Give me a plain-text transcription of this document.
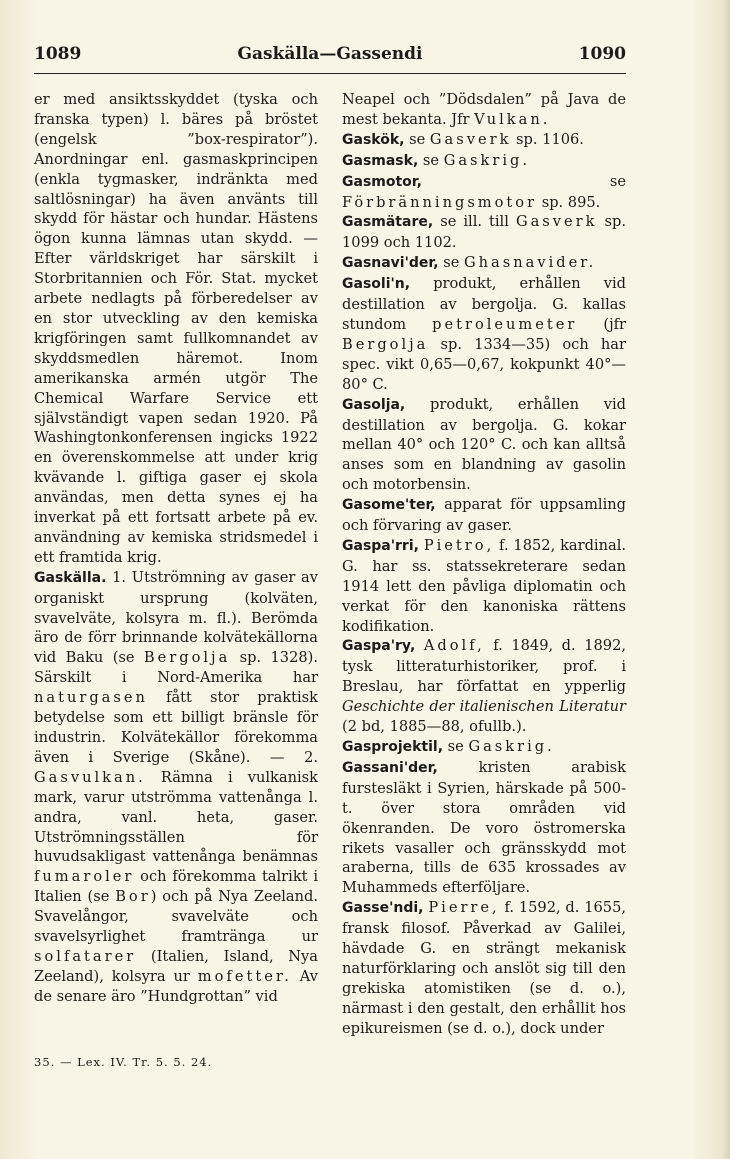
1089	Gaskälla—Gassendi	1090

er med ansiktsskyddet (tyska och franska typen) l. bäres på bröstet (engelsk ”box-respirator”). Anordningar enl. gasmaskprincipen (enkla tygmasker, indränkta med saltlösningar) ha även använts till skydd för hästar och hundar. Hästens ögon kunna lämnas utan skydd. — Efter världskriget har särskilt i Storbritannien och För. Stat. mycket arbete nedlagts på förberedelser av en stor utveckling av den kemiska krigföringen samt fullkomnandet av skyddsmedlen häremot. Inom amerikanska armén utgör The Chemical Warfare Service ett självständigt vapen sedan 1920. På Washingtonkonferensen ingicks 1922 en överenskommelse att under krig kvävande l. giftiga gaser ej skola användas, men detta synes ej ha inverkat på ett fortsatt arbete på ev. användning av kemiska stridsmedel i ett framtida krig.

Gaskälla. 1. Utströmning av gaser av organiskt ursprung (kolväten, svavelväte, kolsyra m. fl.). Berömda äro de förr brinnande kolvätekällorna vid Baku (se Bergolja sp. 1328). Särskilt i Nord-Amerika har naturgasen fått stor praktisk betydelse som ett billigt bränsle för industrin. Kolvätekällor förekomma även i Sverige (Skåne). — 2. Gasvulkan. Rämna i vulkanisk mark, varur utströmma vattenånga l. andra, vanl. heta, gaser. Utströmningsställen för huvudsakligast vattenånga benämnas fumaroler och förekomma talrikt i Italien (se Bor) och på Nya Zeeland. Svavelångor, svavelväte och svavelsyrlighet framtränga ur solfatarer (Italien, Island, Nya Zeeland), kolsyra ur mofetter. Av de senare äro ”Hundgrottan” vid

Neapel och ”Dödsdalen” på Java de mest bekanta. Jfr Vulkan.

Gaskök, se Gasverk sp. 1106.

Gasmask, se Gaskrig.

Gasmotor, se Förbränningsmotor sp. 895.

Gasmätare, se ill. till Gasverk sp. 1099 och 1102.

Gasnavi'der, se Ghasnavider.

Gasoli'n, produkt, erhållen vid destillation av bergolja. G. kallas stundom petroleumeter (jfr Bergolja sp. 1334—35) och har spec. vikt 0,65—0,67, kokpunkt 40°—80° C.

Gasolja, produkt, erhållen vid destillation av bergolja. G. kokar mellan 40° och 120° C. och kan alltså anses som en blandning av gasolin och motorbensin.

Gasome'ter, apparat för uppsamling och förvaring av gaser.

Gaspa'rri, Pietro, f. 1852, kardinal. G. har ss. statssekreterare sedan 1914 lett den påvliga diplomatin och verkat för den kanoniska rättens kodifikation.

Gaspa'ry, Adolf, f. 1849, d. 1892, tysk litteraturhistoriker, prof. i Breslau, har författat en ypperlig Geschichte der italienischen Literatur (2 bd, 1885—88, ofullb.).

Gasprojektil, se Gaskrig.

Gassani'der, kristen arabisk furstesläkt i Syrien, härskade på 500-t. över stora områden vid ökenranden. De voro östromerska rikets vasaller och gränsskydd mot araberna, tills de 635 krossades av Muhammeds efterföljare.

Gasse'ndi, Pierre, f. 1592, d. 1655, fransk filosof. Påverkad av Galilei, hävdade G. en strängt mekanisk naturförklaring och anslöt sig till den grekiska atomistiken (se d. o.), närmast i den gestalt, den erhållit hos epikureismen (se d. o.), dock under

35. — Lex. IV. Tr. 5. 5. 24.
